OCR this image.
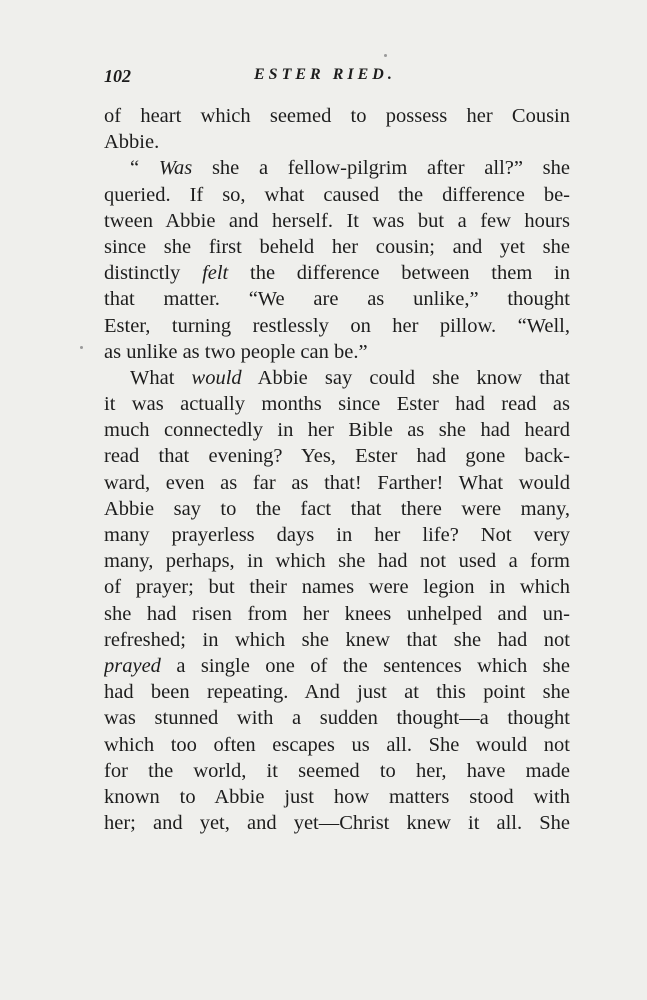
102	ESTER RIED.
of heart which seemed to possess her Cousin
Abbie.
“ Was she a fellow-pilgrim after all?” she
queried. If so, what caused the difference be-
tween Abbie and herself. It was but a few hours
since she first beheld her cousin; and yet she
distinctly felt the difference between them in
that matter. “We are as unlike,” thought
Ester, turning restlessly on her pillow. “Well,
as unlike as two people can be.”
What would Abbie say could she know that
it was actually months since Ester had read as
much connectedly in her Bible as she had heard
read that evening? Yes, Ester had gone back-
ward, even as far as that! Farther! What would
Abbie say to the fact that there were many,
many prayerless days in her life? Not very
many, perhaps, in which she had not used a form
of prayer; but their names were legion in which
she had risen from her knees unhelped and un-
refreshed; in which she knew that she had not
prayed a single one of the sentences which she
had been repeating. And just at this point she
was stunned with a sudden thought—a thought
which too often escapes us all. She would not
for the world, it seemed to her, have made
known to Abbie just how matters stood with
her; and yet, and yet—Christ knew it all. She
